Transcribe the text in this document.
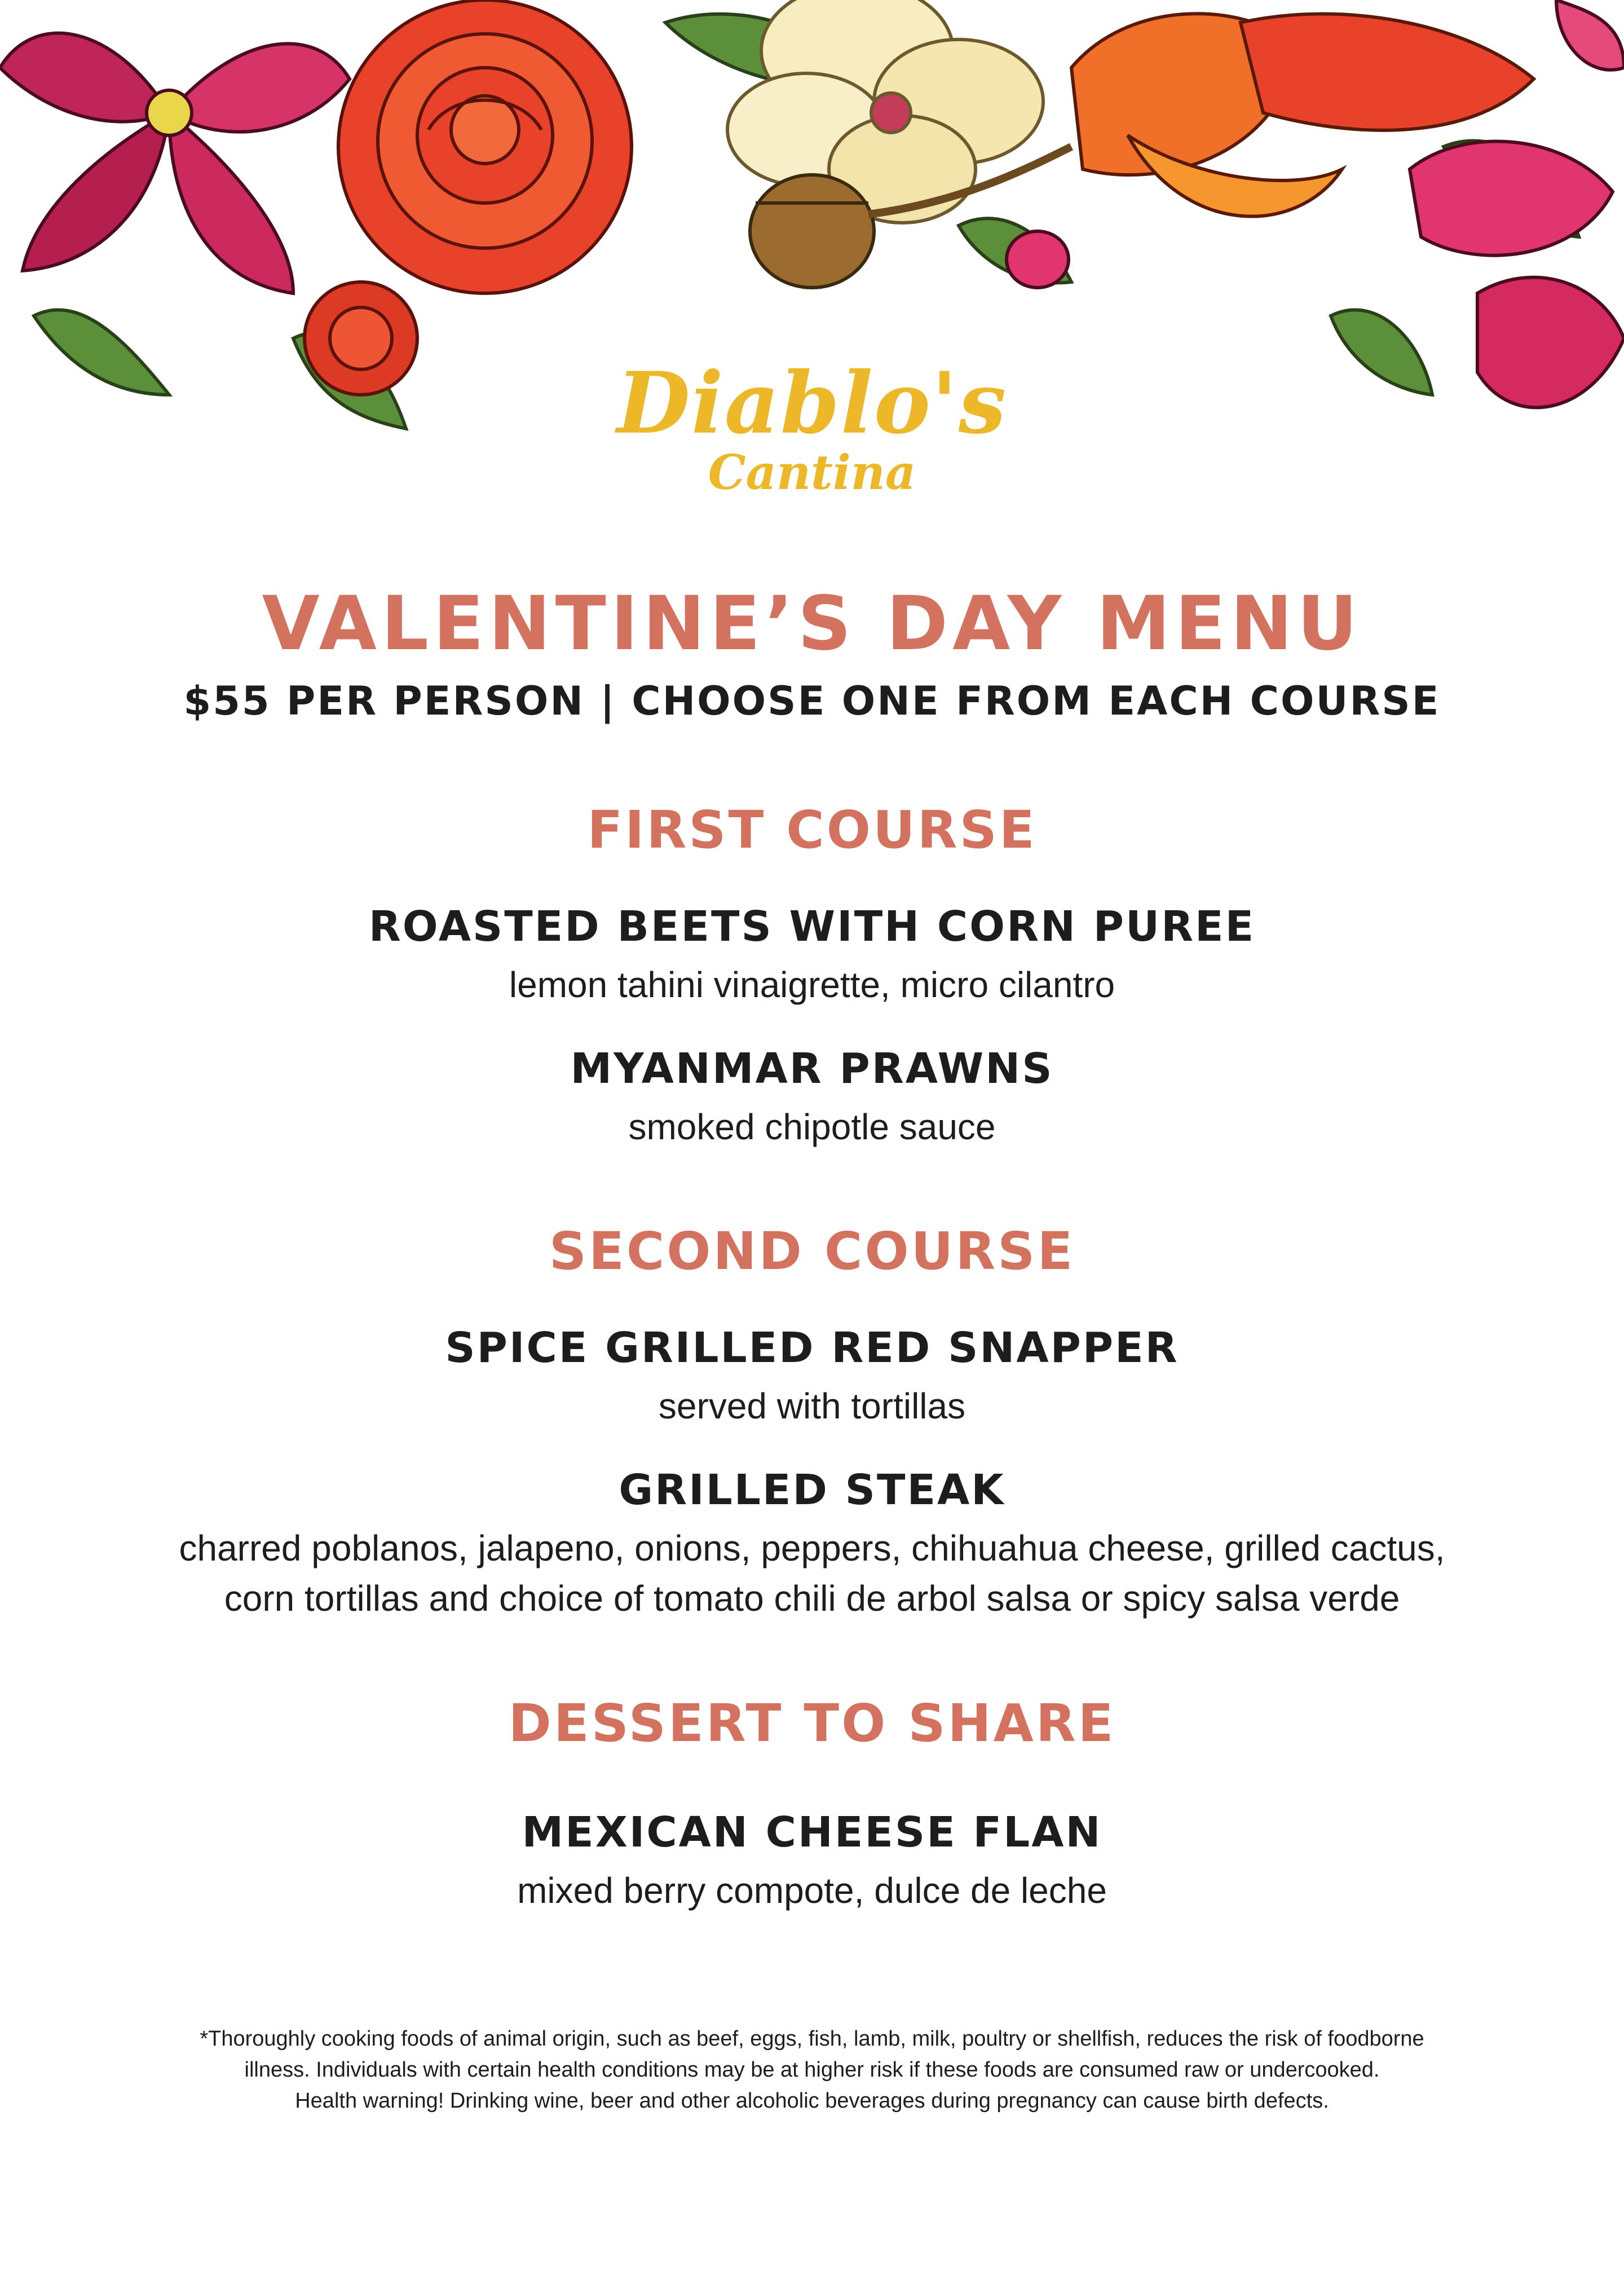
Diablo's
Cantina
VALENTINE’S DAY MENU
$55 PER PERSON | CHOOSE ONE FROM EACH COURSE
FIRST COURSE
ROASTED BEETS WITH CORN PUREE
lemon tahini vinaigrette, micro cilantro
MYANMAR PRAWNS
smoked chipotle sauce
SECOND COURSE
SPICE GRILLED RED SNAPPER
served with tortillas
GRILLED STEAK
charred poblanos, jalapeno, onions, peppers, chihuahua cheese, grilled cactus,
corn tortillas and choice of tomato chili de arbol salsa or spicy salsa verde
DESSERT TO SHARE
MEXICAN CHEESE FLAN
mixed berry compote, dulce de leche
*Thoroughly cooking foods of animal origin, such as beef, eggs, fish, lamb, milk, poultry or shellfish, reduces the risk of foodborne
illness. Individuals with certain health conditions may be at higher risk if these foods are consumed raw or undercooked.
Health warning! Drinking wine, beer and other alcoholic beverages during pregnancy can cause birth defects.
